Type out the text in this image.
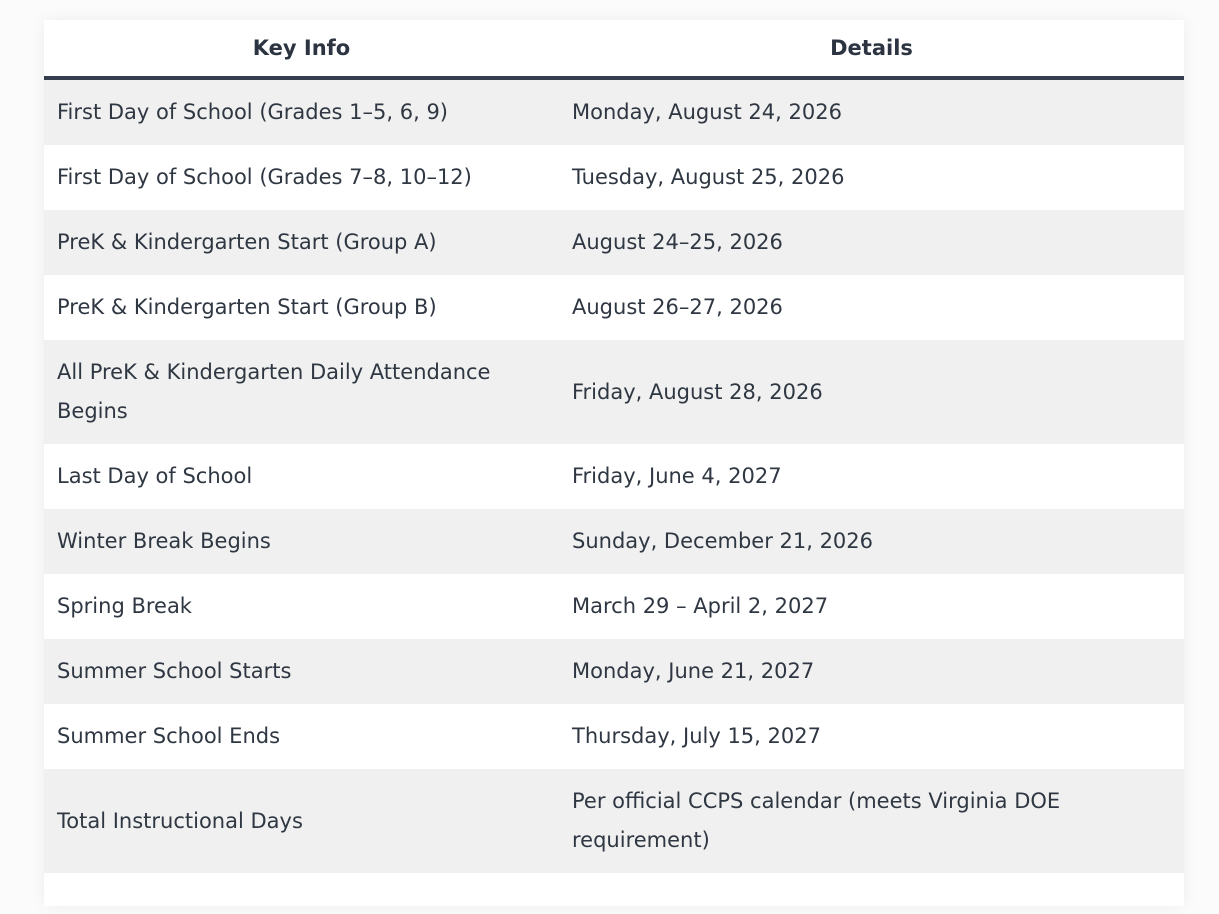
Key Info	Details
First Day of School (Grades 1–5, 6, 9)	Monday, August 24, 2026
First Day of School (Grades 7–8, 10–12)	Tuesday, August 25, 2026
PreK & Kindergarten Start (Group A)	August 24–25, 2026
PreK & Kindergarten Start (Group B)	August 26–27, 2026
All PreK & Kindergarten Daily Attendance Begins	Friday, August 28, 2026
Last Day of School	Friday, June 4, 2027
Winter Break Begins	Sunday, December 21, 2026
Spring Break	March 29 – April 2, 2027
Summer School Starts	Monday, June 21, 2027
Summer School Ends	Thursday, July 15, 2027
Total Instructional Days	Per official CCPS calendar (meets Virginia DOE requirement)
